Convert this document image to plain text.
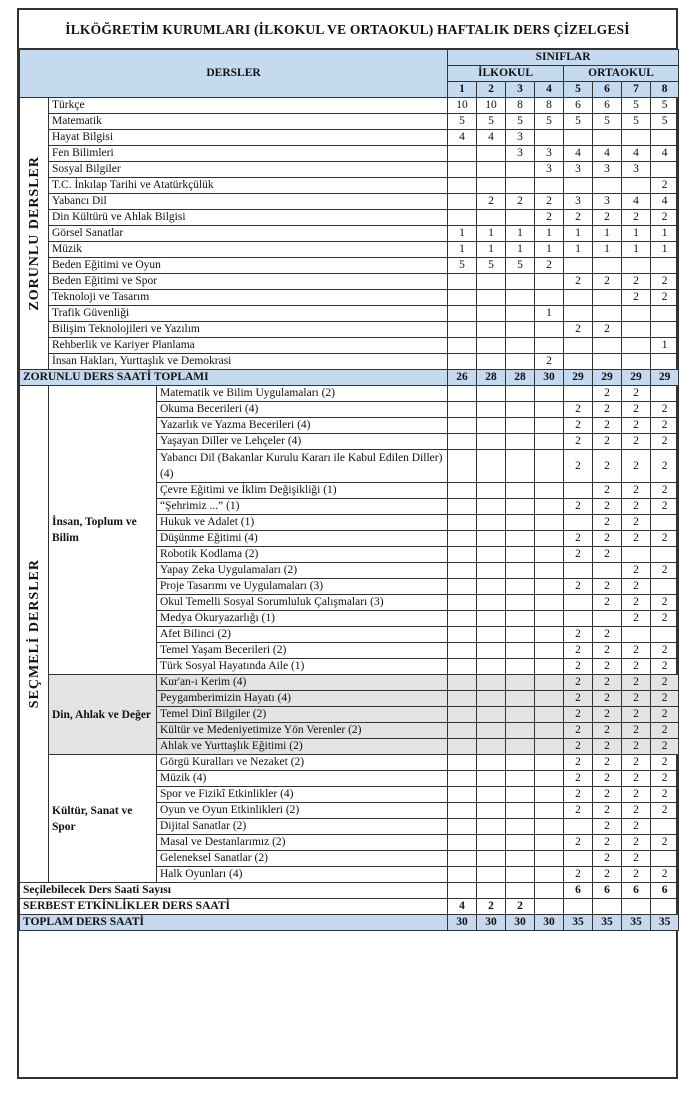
İLKÖĞRETİM KURUMLARI (İLKOKUL VE ORTAOKUL) HAFTALIK DERS ÇİZELGESİ
DERSLER			SINIFLAR							
			İLKOKUL				ORTAOKUL			
			1	2	3	4	5	6	7	8

ZORUNLU DERSLER	Türkçe		10	10	8	8	6	6	5	5
	Matematik		5	5	5	5	5	5	5	5
	Hayat Bilgisi		4	4	3					
	Fen Bilimleri				3	3	4	4	4	4
	Sosyal Bilgiler					3	3	3	3	
	T.C. İnkılap Tarihi ve Atatürkçülük									2
	Yabancı Dil			2	2	2	3	3	4	4
	Din Kültürü ve Ahlak Bilgisi					2	2	2	2	2
	Görsel Sanatlar		1	1	1	1	1	1	1	1
	Müzik		1	1	1	1	1	1	1	1
	Beden Eğitimi ve Oyun		5	5	5	2				
	Beden Eğitimi ve Spor						2	2	2	2
	Teknoloji ve Tasarım								2	2
	Trafik Güvenliği					1				
	Bilişim Teknolojileri ve Yazılım						2	2		
	Rehberlik ve Kariyer Planlama									1
	İnsan Hakları, Yurttaşlık ve Demokrasi					2				
ZORUNLU DERS SAATİ TOPLAMI			26	28	28	30	29	29	29	29

SEÇMELİ DERSLER	İnsan, Toplum ve Bilim	Matematik ve Bilim Uygulamaları (2)						2	2	
		Okuma Becerileri (4)					2	2	2	2
		Yazarlık ve Yazma Becerileri (4)					2	2	2	2
		Yaşayan Diller ve Lehçeler (4)					2	2	2	2
		Yabancı Dil (Bakanlar Kurulu Kararı ile Kabul Edilen Diller) (4)					2	2	2	2
		Çevre Eğitimi ve İklim Değişikliği (1)						2	2	2
		“Şehrimiz ...” (1)					2	2	2	2
		Hukuk ve Adalet (1)						2	2	
		Düşünme Eğitimi (4)					2	2	2	2
		Robotik Kodlama (2)					2	2		
		Yapay Zeka Uygulamaları (2)							2	2
		Proje Tasarımı ve Uygulamaları (3)					2	2	2	
		Okul Temelli Sosyal Sorumluluk Çalışmaları (3)						2	2	2
		Medya Okuryazarlığı (1)							2	2
		Afet Bilinci (2)					2	2		
		Temel Yaşam Becerileri (2)					2	2	2	2
		Türk Sosyal Hayatında Aile (1)					2	2	2	2
	Din, Ahlak ve Değer	Kur'an-ı Kerim (4)					2	2	2	2
		Peygamberimizin Hayatı (4)					2	2	2	2
		Temel Dinî Bilgiler (2)					2	2	2	2
		Kültür ve Medeniyetimize Yön Verenler (2)					2	2	2	2
		Ahlak ve Yurttaşlık Eğitimi (2)					2	2	2	2
	Kültür, Sanat ve Spor	Görgü Kuralları ve Nezaket (2)					2	2	2	2
		Müzik (4)					2	2	2	2
		Spor ve Fizikî Etkinlikler (4)					2	2	2	2
		Oyun ve Oyun Etkinlikleri (2)					2	2	2	2
		Dijital Sanatlar (2)						2	2	
		Masal ve Destanlarımız (2)					2	2	2	2
		Geleneksel Sanatlar (2)						2	2	
		Halk Oyunları (4)					2	2	2	2
Seçilebilecek Ders Saati Sayısı							6	6	6	6
SERBEST ETKİNLİKLER DERS SAATİ			4	2	2					
TOPLAM DERS SAATİ			30	30	30	30	35	35	35	35
